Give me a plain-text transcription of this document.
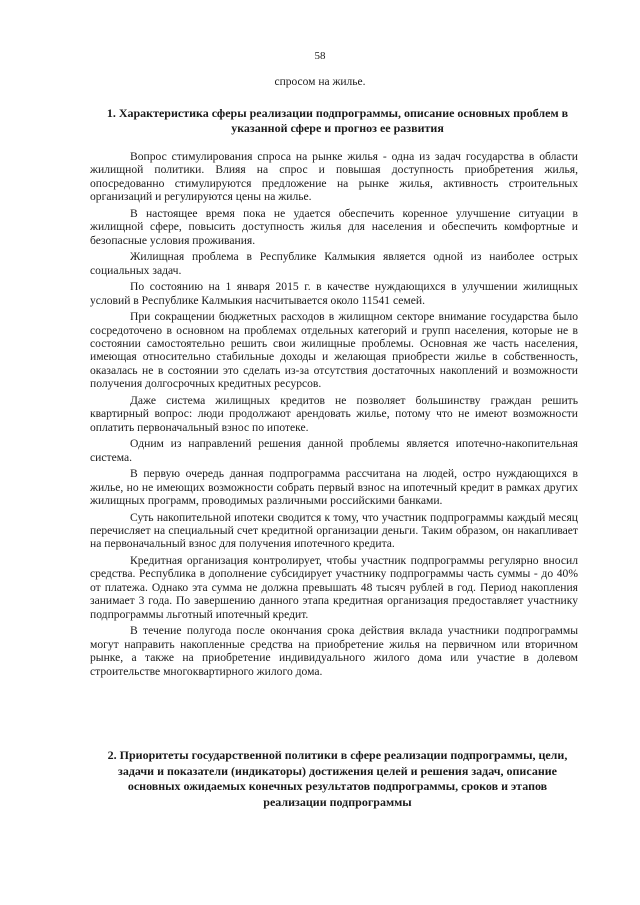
58
спросом на жилье.
1. Характеристика сферы реализации подпрограммы, описание основных проблем в указанной сфере и прогноз ее развития

Вопрос стимулирования спроса на рынке жилья - одна из задач государства в области жилищной политики. Влияя на спрос и повышая доступность приобретения жилья, опосредованно стимулируются предложение на рынке жилья, активность строительных организаций и регулируются цены на жилье.

В настоящее время пока не удается обеспечить коренное улучшение ситуации в жилищной сфере, повысить доступность жилья для населения и обеспечить комфортные и безопасные условия проживания.

Жилищная проблема в Республике Калмыкия является одной из наиболее острых социальных задач.

По состоянию на 1 января 2015 г. в качестве нуждающихся в улучшении жилищных условий в Республике Калмыкия насчитывается около 11541 семей.

При сокращении бюджетных расходов в жилищном секторе внимание государства было сосредоточено в основном на проблемах отдельных категорий и групп населения, которые не в состоянии самостоятельно решить свои жилищные проблемы. Основная же часть населения, имеющая относительно стабильные доходы и желающая приобрести жилье в собственность, оказалась не в состоянии это сделать из-за отсутствия достаточных накоплений и возможности получения долгосрочных кредитных ресурсов.

Даже система жилищных кредитов не позволяет большинству граждан решить квартирный вопрос: люди продолжают арендовать жилье, потому что не имеют возможности оплатить первоначальный взнос по ипотеке.

Одним из направлений решения данной проблемы является ипотечно-накопительная система.

В первую очередь данная подпрограмма рассчитана на людей, остро нуждающихся в жилье, но не имеющих возможности собрать первый взнос на ипотечный кредит в рамках других жилищных программ, проводимых различными российскими банками.

Суть накопительной ипотеки сводится к тому, что участник подпрограммы каждый месяц перечисляет на специальный счет кредитной организации деньги. Таким образом, он накапливает на первоначальный взнос для получения ипотечного кредита.

Кредитная организация контролирует, чтобы участник подпрограммы регулярно вносил средства. Республика в дополнение субсидирует участнику подпрограммы часть суммы - до 40% от платежа. Однако эта сумма не должна превышать 48 тысяч рублей в год. Период накопления занимает 3 года. По завершению данного этапа кредитная организация предоставляет участнику подпрограммы льготный ипотечный кредит.

В течение полугода после окончания срока действия вклада участники подпрограммы могут направить накопленные средства на приобретение жилья на первичном или вторичном рынке, а также на приобретение индивидуального жилого дома или участие в долевом строительстве многоквартирного жилого дома.

2. Приоритеты государственной политики в сфере реализации подпрограммы, цели, задачи и показатели (индикаторы) достижения целей и решения задач, описание основных ожидаемых конечных результатов подпрограммы, сроков и этапов реализации подпрограммы
